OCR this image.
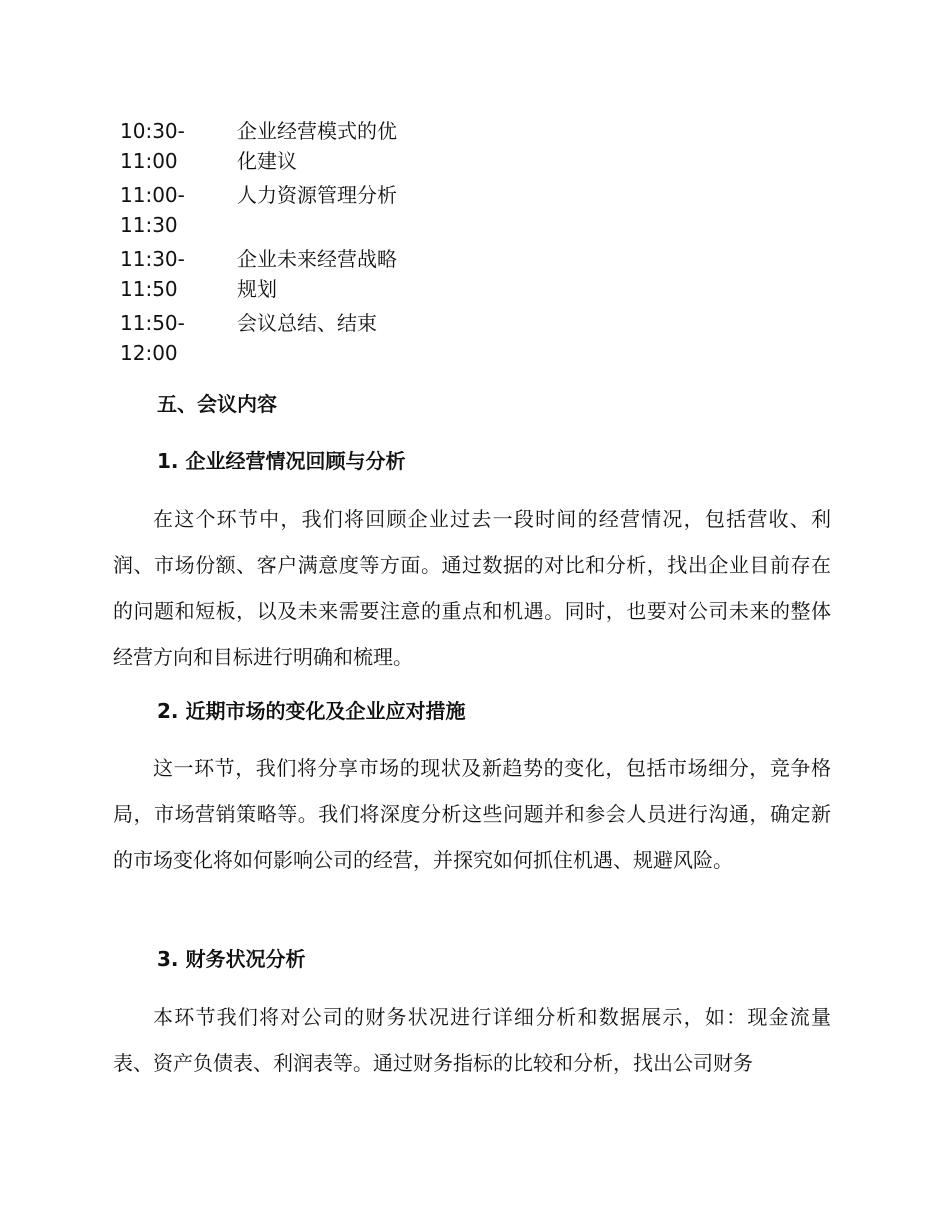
10:30-
11:00
企业经营模式的优化建议
11:00-
11:30
人力资源管理分析
11:30-
11:50
企业未来经营战略规划
11:50-
12:00
会议总结、结束
五、会议内容
1. 企业经营情况回顾与分析

在这个环节中，我们将回顾企业过去一段时间的经营情况，包括营收、利润、市场份额、客户满意度等方面。通过数据的对比和分析，找出企业目前存在的问题和短板，以及未来需要注意的重点和机遇。同时，也要对公司未来的整体经营方向和目标进行明确和梳理。

2. 近期市场的变化及企业应对措施

这一环节，我们将分享市场的现状及新趋势的变化，包括市场细分，竞争格局，市场营销策略等。我们将深度分析这些问题并和参会人员进行沟通，确定新的市场变化将如何影响公司的经营，并探究如何抓住机遇、规避风险。

3. 财务状况分析

本环节我们将对公司的财务状况进行详细分析和数据展示，如：现金流量表、资产负债表、利润表等。通过财务指标的比较和分析，找出公司财务
